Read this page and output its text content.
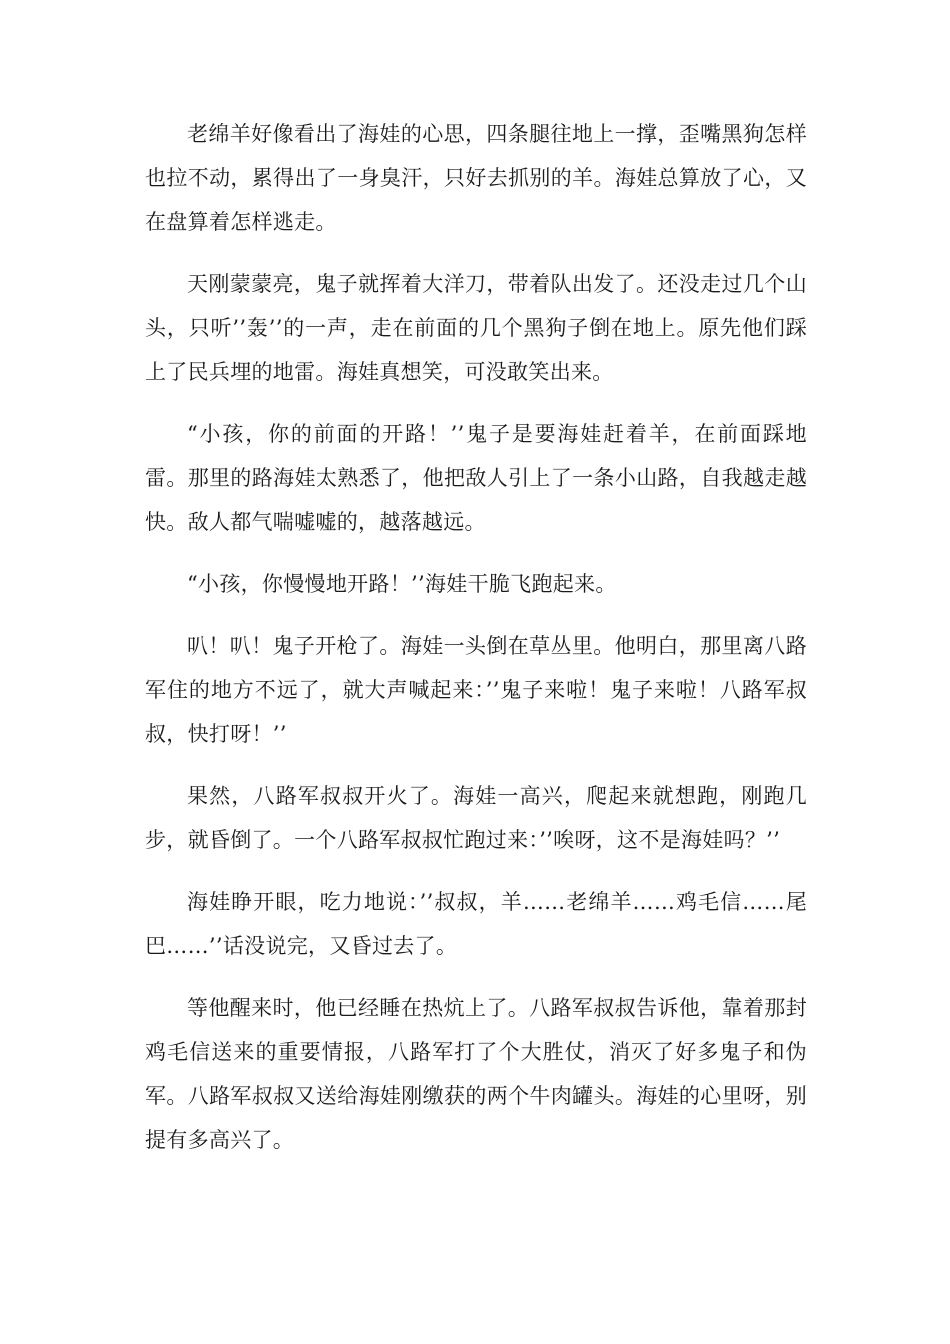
老绵羊好像看出了海娃的心思，四条腿往地上一撑，歪嘴黑狗怎样也拉不动，累得出了一身臭汗，只好去抓别的羊。海娃总算放了心，又在盘算着怎样逃走。

天刚蒙蒙亮，鬼子就挥着大洋刀，带着队出发了。还没走过几个山头，只听’’轰’’的一声，走在前面的几个黑狗子倒在地上。原先他们踩上了民兵埋的地雷。海娃真想笑，可没敢笑出来。

“小孩，你的前面的开路！’’鬼子是要海娃赶着羊，在前面踩地雷。那里的路海娃太熟悉了，他把敌人引上了一条小山路，自我越走越快。敌人都气喘嘘嘘的，越落越远。

“小孩，你慢慢地开路！’’海娃干脆飞跑起来。

叭！叭！鬼子开枪了。海娃一头倒在草丛里。他明白，那里离八路军住的地方不远了，就大声喊起来：’’鬼子来啦！鬼子来啦！八路军叔叔，快打呀！’’

果然，八路军叔叔开火了。海娃一高兴，爬起来就想跑，刚跑几步，就昏倒了。一个八路军叔叔忙跑过来：’’唉呀，这不是海娃吗？’’

海娃睁开眼，吃力地说：’’叔叔，羊……老绵羊……鸡毛信……尾巴……’’话没说完，又昏过去了。

等他醒来时，他已经睡在热炕上了。八路军叔叔告诉他，靠着那封鸡毛信送来的重要情报，八路军打了个大胜仗，消灭了好多鬼子和伪军。八路军叔叔又送给海娃刚缴获的两个牛肉罐头。海娃的心里呀，别提有多高兴了。
